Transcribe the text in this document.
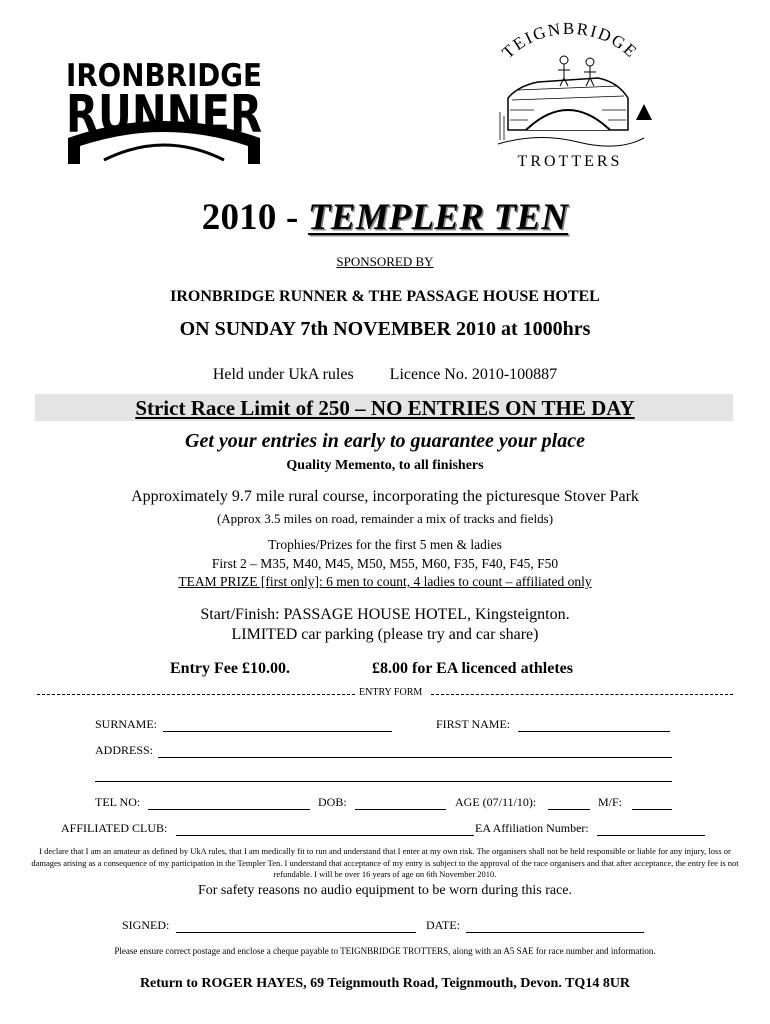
IRONBRIDGE
RUNNER
TEIGNBRIDGE
TROTTERS
2010 - TEMPLER TEN
SPONSORED BY
IRONBRIDGE RUNNER & THE PASSAGE HOUSE HOTEL
ON SUNDAY 7th NOVEMBER 2010 at 1000hrs
Held under UkA rules Licence No. 2010-100887
Strict Race Limit of 250 – NO ENTRIES ON THE DAY
Get your entries in early to guarantee your place
Quality Memento, to all finishers
Approximately 9.7 mile rural course, incorporating the picturesque Stover Park
(Approx 3.5 miles on road, remainder a mix of tracks and fields)
Trophies/Prizes for the first 5 men & ladies
First 2 – M35, M40, M45, M50, M55, M60, F35, F40, F45, F50
TEAM PRIZE [first only]: 6 men to count, 4 ladies to count – affiliated only
Start/Finish: PASSAGE HOUSE HOTEL, Kingsteignton.
LIMITED car parking (please try and car share)
Entry Fee £10.00.	£8.00 for EA licenced athletes
ENTRY FORM
SURNAME:	FIRST NAME:
ADDRESS:
TEL NO:	DOB:	AGE (07/11/10):	M/F:
AFFILIATED CLUB:	EA Affiliation Number:
I declare that I am an amateur as defined by UkA rules, that I am medically fit to run and understand that I enter at my own risk. The organisers shall not be held responsible or liable for any injury, loss or damages arising as a consequence of my participation in the Templer Ten. I understand that acceptance of my entry is subject to the approval of the race organisers and that after acceptance, the entry fee is not refundable. I will be over 16 years of age on 6th November 2010.
For safety reasons no audio equipment to be worn during this race.
SIGNED:	DATE:
Please ensure correct postage and enclose a cheque payable to TEIGNBRIDGE TROTTERS, along with an A5 SAE for race number and information.
Return to ROGER HAYES, 69 Teignmouth Road, Teignmouth, Devon. TQ14 8UR
